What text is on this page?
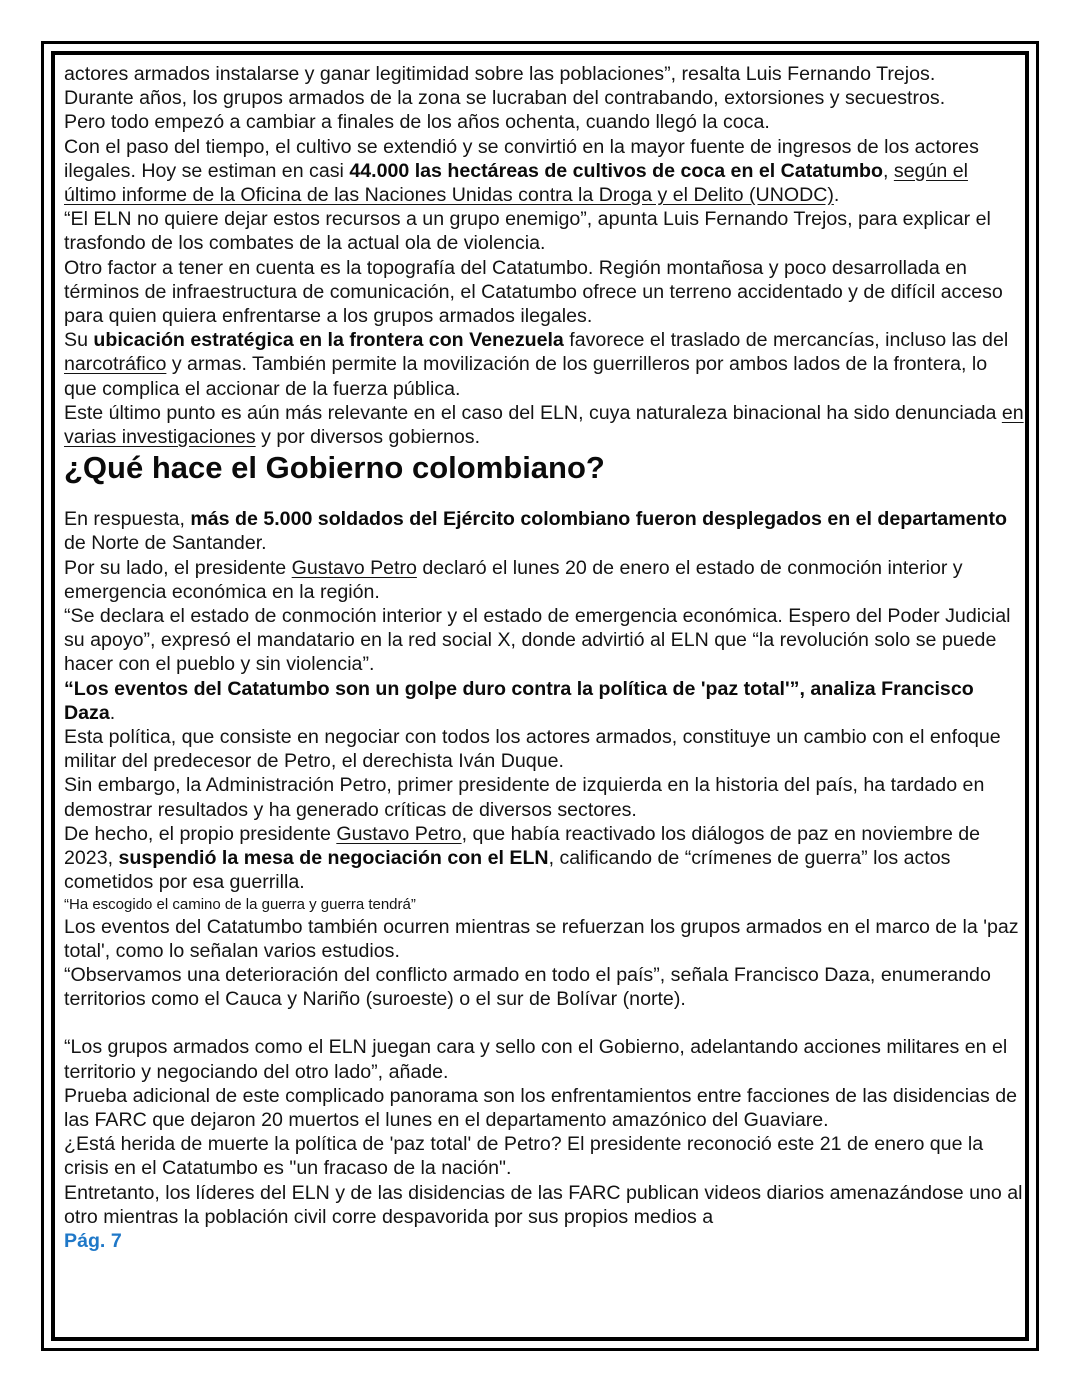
actores armados instalarse y ganar legitimidad sobre las poblaciones”, resalta Luis Fernando Trejos.

Durante años, los grupos armados de la zona se lucraban del contrabando, extorsiones y secuestros.

Pero todo empezó a cambiar a finales de los años ochenta, cuando llegó la coca.

Con el paso del tiempo, el cultivo se extendió y se convirtió en la mayor fuente de ingresos de los actores ilegales. Hoy se estiman en casi 44.000 las hectáreas de cultivos de coca en el Catatumbo, según el último informe de la Oficina de las Naciones Unidas contra la Droga y el Delito (UNODC).

“El ELN no quiere dejar estos recursos a un grupo enemigo”, apunta Luis Fernando Trejos, para explicar el trasfondo de los combates de la actual ola de violencia.

Otro factor a tener en cuenta es la topografía del Catatumbo. Región montañosa y poco desarrollada en términos de infraestructura de comunicación, el Catatumbo ofrece un terreno accidentado y de difícil acceso para quien quiera enfrentarse a los grupos armados ilegales.

Su ubicación estratégica en la frontera con Venezuela favorece el traslado de mercancías, incluso las del narcotráfico y armas. También permite la movilización de los guerrilleros por ambos lados de la frontera, lo que complica el accionar de la fuerza pública.

Este último punto es aún más relevante en el caso del ELN, cuya naturaleza binacional ha sido denunciada en varias investigaciones y por diversos gobiernos.

¿Qué hace el Gobierno colombiano?

En respuesta, más de 5.000 soldados del Ejército colombiano fueron desplegados en el departamento de Norte de Santander.

Por su lado, el presidente Gustavo Petro declaró el lunes 20 de enero el estado de conmoción interior y emergencia económica en la región.

“Se declara el estado de conmoción interior y el estado de emergencia económica. Espero del Poder Judicial su apoyo”, expresó el mandatario en la red social X, donde advirtió al ELN que “la revolución solo se puede hacer con el pueblo y sin violencia”.

“Los eventos del Catatumbo son un golpe duro contra la política de 'paz total'”, analiza Francisco Daza.

Esta política, que consiste en negociar con todos los actores armados, constituye un cambio con el enfoque militar del predecesor de Petro, el derechista Iván Duque.

Sin embargo, la Administración Petro, primer presidente de izquierda en la historia del país, ha tardado en demostrar resultados y ha generado críticas de diversos sectores.

De hecho, el propio presidente Gustavo Petro, que había reactivado los diálogos de paz en noviembre de 2023, suspendió la mesa de negociación con el ELN, calificando de “crímenes de guerra” los actos cometidos por esa guerrilla.

“Ha escogido el camino de la guerra y guerra tendrá”

Los eventos del Catatumbo también ocurren mientras se refuerzan los grupos armados en el marco de la 'paz total', como lo señalan varios estudios.

“Observamos una deterioración del conflicto armado en todo el país”, señala Francisco Daza, enumerando territorios como el Cauca y Nariño (suroeste) o el sur de Bolívar (norte).

“Los grupos armados como el ELN juegan cara y sello con el Gobierno, adelantando acciones militares en el territorio y negociando del otro lado”, añade.

Prueba adicional de este complicado panorama son los enfrentamientos entre facciones de las disidencias de las FARC que dejaron 20 muertos el lunes en el departamento amazónico del Guaviare.

¿Está herida de muerte la política de 'paz total' de Petro? El presidente reconoció este 21 de enero que la crisis en el Catatumbo es "un fracaso de la nación".

Entretanto, los líderes del ELN y de las disidencias de las FARC publican videos diarios amenazándose uno al otro mientras la población civil corre despavorida por sus propios medios a

Pág. 7
